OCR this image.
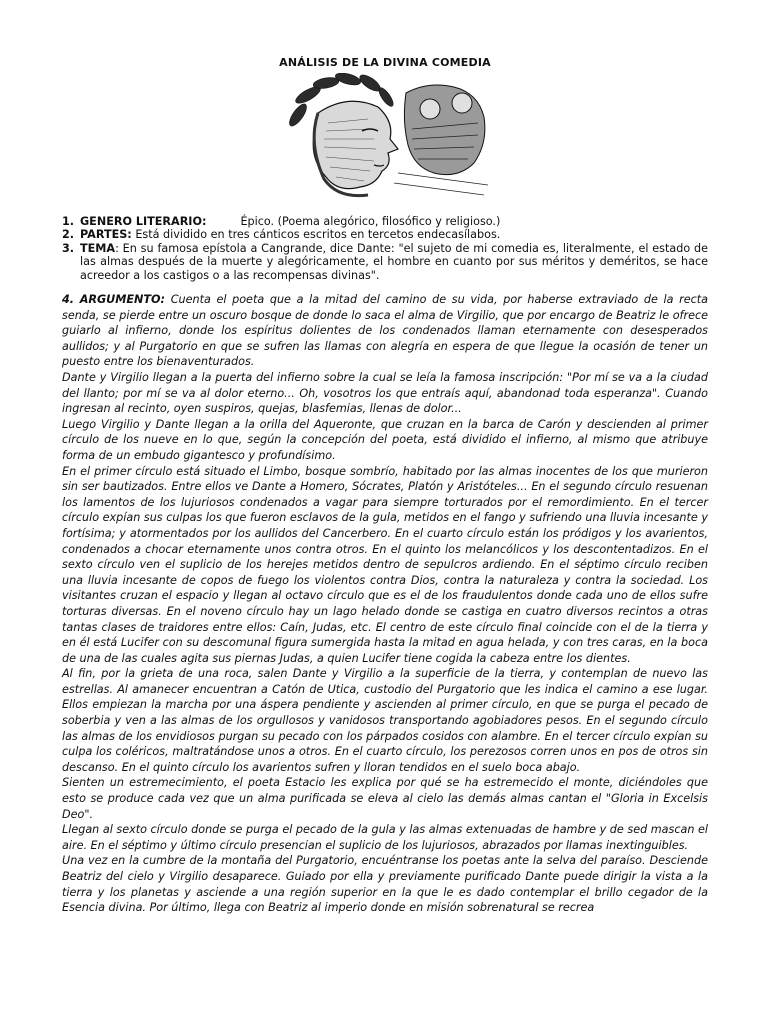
ANÁLISIS DE LA DIVINA COMEDIA
1. GENERO LITERARIO:	Épico. (Poema alegórico, filosófico y religioso.)
2. PARTES: Está dividido en tres cánticos escritos en tercetos endecasílabos.
3. TEMA: En su famosa epístola a Cangrande, dice Dante: "el sujeto de mi comedia es, literalmente, el estado de las almas después de la muerte y alegóricamente, el hombre en cuanto por sus méritos y deméritos, se hace acreedor a los castigos o a las recompensas divinas".

4. ARGUMENTO: Cuenta el poeta que a la mitad del camino de su vida, por haberse extraviado de la recta senda, se pierde entre un oscuro bosque de donde lo saca el alma de Virgilio, que por encargo de Beatriz le ofrece guiarlo al infierno, donde los espíritus dolientes de los condenados llaman eternamente con desesperados aullidos; y al Purgatorio en que se sufren las llamas con alegría en espera de que llegue la ocasión de tener un puesto entre los bienaventurados.

Dante y Virgilio llegan a la puerta del infierno sobre la cual se leía la famosa inscripción: "Por mí se va a la ciudad del llanto; por mí se va al dolor eterno... Oh, vosotros los que entraís aquí, abandonad toda esperanza". Cuando ingresan al recinto, oyen suspiros, quejas, blasfemias, llenas de dolor...

Luego Virgilio y Dante llegan a la orilla del Aqueronte, que cruzan en la barca de Carón y descienden al primer círculo de los nueve en lo que, según la concepción del poeta, está dividido el infierno, al mismo que atribuye forma de un embudo gigantesco y profundísimo.

En el primer círculo está situado el Limbo, bosque sombrío, habitado por las almas inocentes de los que murieron sin ser bautizados. Entre ellos ve Dante a Homero, Sócrates, Platón y Aristóteles... En el segundo círculo resuenan los lamentos de los lujuriosos condenados a vagar para siempre torturados por el remordimiento. En el tercer círculo expían sus culpas los que fueron esclavos de la gula, metidos en el fango y sufriendo una lluvia incesante y fortísima; y atormentados por los aullidos del Cancerbero. En el cuarto círculo están los pródigos y los avarientos, condenados a chocar eternamente unos contra otros. En el quinto los melancólicos y los descontentadizos. En el sexto círculo ven el suplicio de los herejes metidos dentro de sepulcros ardiendo. En el séptimo círculo reciben una lluvia incesante de copos de fuego los violentos contra Dios, contra la naturaleza y contra la sociedad. Los visitantes cruzan el espacio y llegan al octavo círculo que es el de los fraudulentos donde cada uno de ellos sufre torturas diversas. En el noveno círculo hay un lago helado donde se castiga en cuatro diversos recintos a otras tantas clases de traidores entre ellos: Caín, Judas, etc. El centro de este círculo final coincide con el de la tierra y en él está Lucifer con su descomunal figura sumergida hasta la mitad en agua helada, y con tres caras, en la boca de una de las cuales agita sus piernas Judas, a quien Lucifer tiene cogida la cabeza entre los dientes.

Al fin, por la grieta de una roca, salen Dante y Virgilio a la superficie de la tierra, y contemplan de nuevo las estrellas. Al amanecer encuentran a Catón de Utica, custodio del Purgatorio que les indica el camino a ese lugar. Ellos empiezan la marcha por una áspera pendiente y ascienden al primer círculo, en que se purga el pecado de soberbia y ven a las almas de los orgullosos y vanidosos transportando agobiadores pesos. En el segundo círculo las almas de los envidiosos purgan su pecado con los párpados cosidos con alambre. En el tercer círculo expían su culpa los coléricos, maltratándose unos a otros. En el cuarto círculo, los perezosos corren unos en pos de otros sin descanso. En el quinto círculo los avarientos sufren y lloran tendidos en el suelo boca abajo.

Sienten un estremecimiento, el poeta Estacio les explica por qué se ha estremecido el monte, diciéndoles que esto se produce cada vez que un alma purificada se eleva al cielo las demás almas cantan el "Gloria in Excelsis Deo".

Llegan al sexto círculo donde se purga el pecado de la gula y las almas extenuadas de hambre y de sed mascan el aire. En el séptimo y último círculo presencian el suplicio de los lujuriosos, abrazados por llamas inextinguibles.

Una vez en la cumbre de la montaña del Purgatorio, encuéntranse los poetas ante la selva del paraíso. Desciende Beatriz del cielo y Virgilio desaparece. Guiado por ella y previamente purificado Dante puede dirigir la vista a la tierra y los planetas y asciende a una región superior en la que le es dado contemplar el brillo cegador de la Esencia divina. Por último, llega con Beatriz al imperio donde en misión sobrenatural se recrea
